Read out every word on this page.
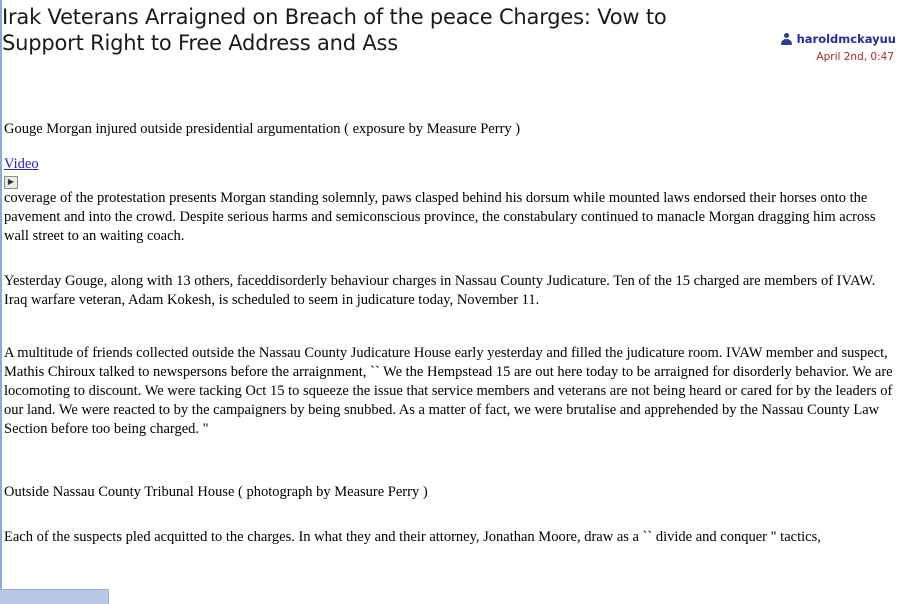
Irak Veterans Arraigned on Breach of the peace Charges: Vow to Support Right to Free Address and Ass	haroldmckayuu
April 2nd, 0:47

Gouge Morgan injured outside presidential argumentation ( exposure by Measure Perry )

Video
▶

coverage of the protestation presents Morgan standing solemnly, paws clasped behind his dorsum while mounted laws endorsed their horses onto the pavement and into the crowd. Despite serious harms and semiconscious province, the constabulary continued to manacle Morgan dragging him across wall street to an waiting coach.

Yesterday Gouge, along with 13 others, faceddisorderly behaviour charges in Nassau County Judicature. Ten of the 15 charged are members of IVAW. Iraq warfare veteran, Adam Kokesh, is scheduled to seem in judicature today, November 11.

A multitude of friends collected outside the Nassau County Judicature House early yesterday and filled the judicature room. IVAW member and suspect, Mathis Chiroux talked to newspersons before the arraignment, `` We the Hempstead 15 are out here today to be arraigned for disorderly behavior. We are locomoting to discount. We were tacking Oct 15 to squeeze the issue that service members and veterans are not being heard or cared for by the leaders of our land. We were reacted to by the campaigners by being snubbed. As a matter of fact, we were brutalise and apprehended by the Nassau County Law Section before too being charged. "

Outside Nassau County Tribunal House ( photograph by Measure Perry )

Each of the suspects pled acquitted to the charges. In what they and their attorney, Jonathan Moore, draw as a `` divide and conquer " tactics,
